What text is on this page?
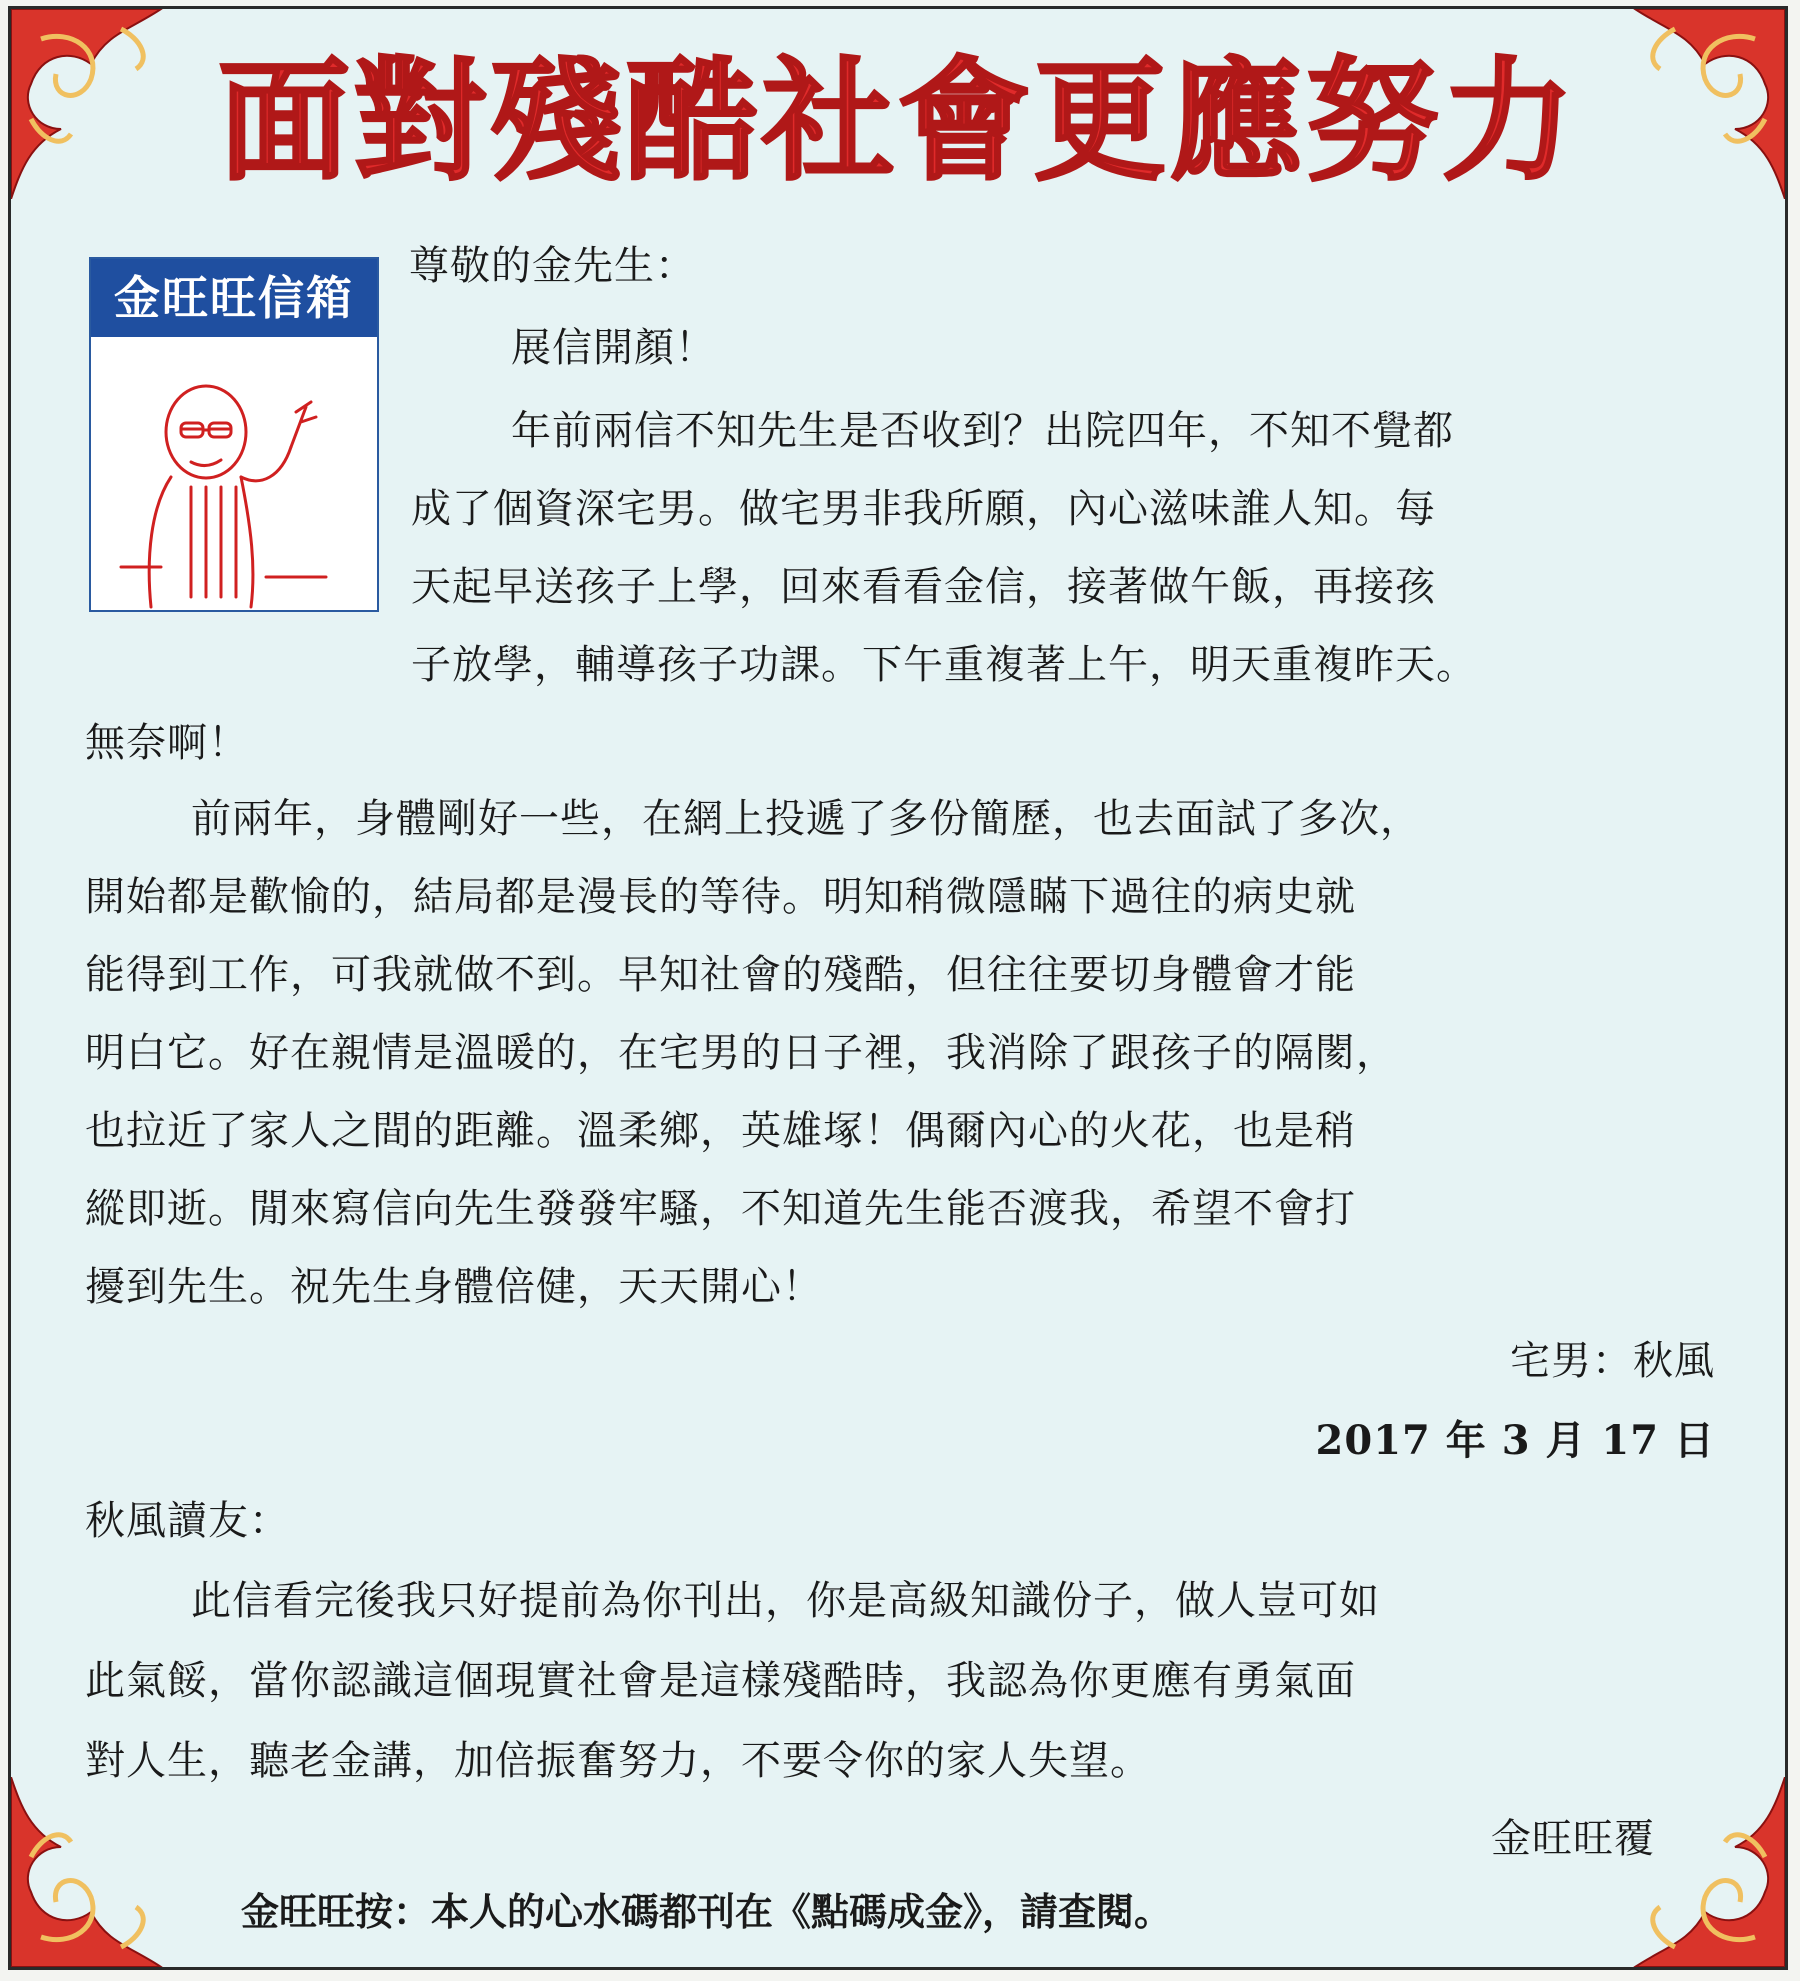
面對殘酷社會更應努力
金旺旺信箱
尊敬的金先生：
展信開顏！
年前兩信不知先生是否收到？出院四年，不知不覺都
成了個資深宅男。做宅男非我所願，內心滋味誰人知。每
天起早送孩子上學，回來看看金信，接著做午飯，再接孩
子放學，輔導孩子功課。下午重複著上午，明天重複昨天。
無奈啊！
前兩年，身體剛好一些，在網上投遞了多份簡歷，也去面試了多次，
開始都是歡愉的，結局都是漫長的等待。明知稍微隱瞞下過往的病史就
能得到工作，可我就做不到。早知社會的殘酷，但往往要切身體會才能
明白它。好在親情是溫暖的，在宅男的日子裡，我消除了跟孩子的隔閡，
也拉近了家人之間的距離。溫柔鄉，英雄塚！偶爾內心的火花，也是稍
縱即逝。閒來寫信向先生發發牢騷，不知道先生能否渡我，希望不會打
擾到先生。祝先生身體倍健，天天開心！
宅男：秋風
2017 年 3 月 17 日
秋風讀友：
此信看完後我只好提前為你刊出，你是高級知識份子，做人豈可如
此氣餒，當你認識這個現實社會是這樣殘酷時，我認為你更應有勇氣面
對人生，聽老金講，加倍振奮努力，不要令你的家人失望。
金旺旺覆
金旺旺按：本人的心水碼都刊在《點碼成金》，請查閱。
